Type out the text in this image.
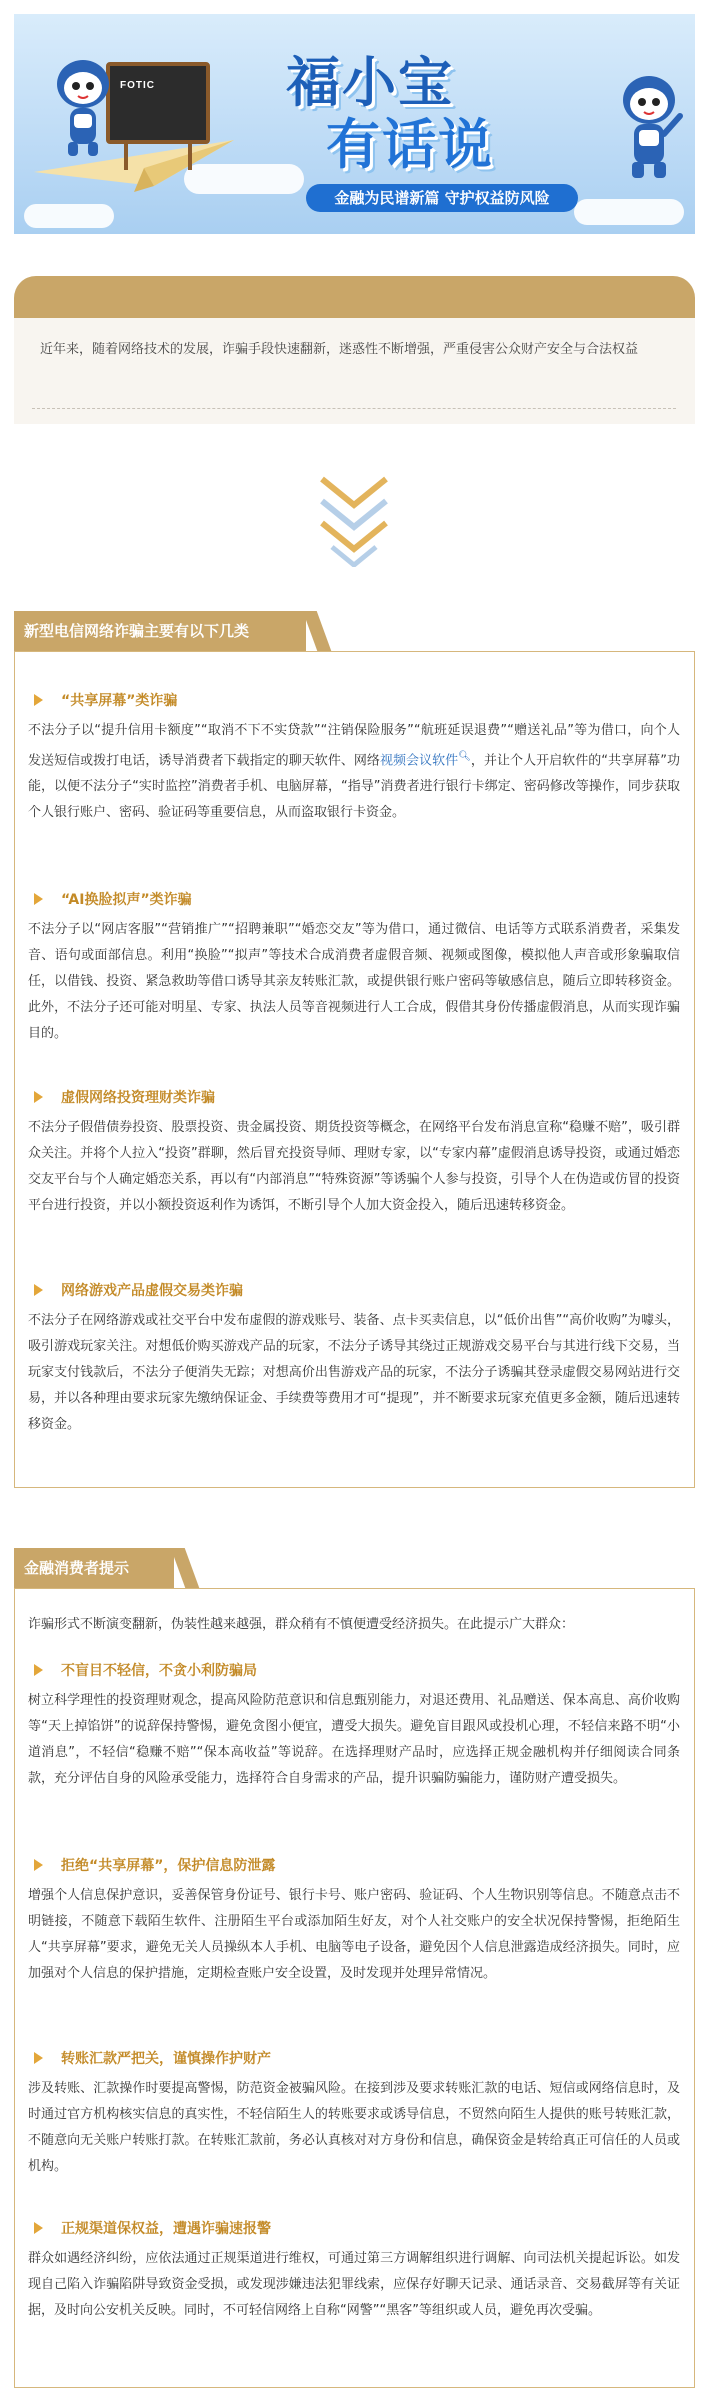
FOTIC	福小宝
有话说
金融为民谱新篇 守护权益防风险
近年来，随着网络技术的发展，诈骗手段快速翻新，迷惑性不断增强，严重侵害公众财产安全与合法权益
新型电信网络诈骗主要有以下几类
“共享屏幕”类诈骗
不法分子以“提升信用卡额度”“取消不下不实贷款”“注销保险服务”“航班延误退费”“赠送礼品”等为借口，向个人发送短信或拨打电话，诱导消费者下载指定的聊天软件、网络视频会议软件🔍︎，并让个人开启软件的“共享屏幕”功能，以便不法分子“实时监控”消费者手机、电脑屏幕，“指导”消费者进行银行卡绑定、密码修改等操作，同步获取个人银行账户、密码、验证码等重要信息，从而盗取银行卡资金。
“AI换脸拟声”类诈骗
不法分子以“网店客服”“营销推广”“招聘兼职”“婚恋交友”等为借口，通过微信、电话等方式联系消费者，采集发音、语句或面部信息。利用“换脸”“拟声”等技术合成消费者虚假音频、视频或图像，模拟他人声音或形象骗取信任，以借钱、投资、紧急救助等借口诱导其亲友转账汇款，或提供银行账户密码等敏感信息，随后立即转移资金。此外，不法分子还可能对明星、专家、执法人员等音视频进行人工合成，假借其身份传播虚假消息，从而实现诈骗目的。
虚假网络投资理财类诈骗
不法分子假借债券投资、股票投资、贵金属投资、期货投资等概念，在网络平台发布消息宣称“稳赚不赔”，吸引群众关注。并将个人拉入“投资”群聊，然后冒充投资导师、理财专家，以“专家内幕”虚假消息诱导投资，或通过婚恋交友平台与个人确定婚恋关系，再以有“内部消息”“特殊资源”等诱骗个人参与投资，引导个人在伪造或仿冒的投资平台进行投资，并以小额投资返利作为诱饵，不断引导个人加大资金投入，随后迅速转移资金。
网络游戏产品虚假交易类诈骗
不法分子在网络游戏或社交平台中发布虚假的游戏账号、装备、点卡买卖信息，以“低价出售”“高价收购”为噱头，吸引游戏玩家关注。对想低价购买游戏产品的玩家，不法分子诱导其绕过正规游戏交易平台与其进行线下交易，当玩家支付钱款后，不法分子便消失无踪；对想高价出售游戏产品的玩家，不法分子诱骗其登录虚假交易网站进行交易，并以各种理由要求玩家先缴纳保证金、手续费等费用才可“提现”，并不断要求玩家充值更多金额，随后迅速转移资金。
金融消费者提示
诈骗形式不断演变翻新，伪装性越来越强，群众稍有不慎便遭受经济损失。在此提示广大群众：
不盲目不轻信，不贪小利防骗局
树立科学理性的投资理财观念，提高风险防范意识和信息甄别能力，对退还费用、礼品赠送、保本高息、高价收购等“天上掉馅饼”的说辞保持警惕，避免贪图小便宜，遭受大损失。避免盲目跟风或投机心理，不轻信来路不明“小道消息”，不轻信“稳赚不赔”“保本高收益”等说辞。在选择理财产品时，应选择正规金融机构并仔细阅读合同条款，充分评估自身的风险承受能力，选择符合自身需求的产品，提升识骗防骗能力，谨防财产遭受损失。
拒绝“共享屏幕”，保护信息防泄露
增强个人信息保护意识，妥善保管身份证号、银行卡号、账户密码、验证码、个人生物识别等信息。不随意点击不明链接，不随意下载陌生软件、注册陌生平台或添加陌生好友，对个人社交账户的安全状况保持警惕，拒绝陌生人“共享屏幕”要求，避免无关人员操纵本人手机、电脑等电子设备，避免因个人信息泄露造成经济损失。同时，应加强对个人信息的保护措施，定期检查账户安全设置，及时发现并处理异常情况。
转账汇款严把关，谨慎操作护财产
涉及转账、汇款操作时要提高警惕，防范资金被骗风险。在接到涉及要求转账汇款的电话、短信或网络信息时，及时通过官方机构核实信息的真实性，不轻信陌生人的转账要求或诱导信息，不贸然向陌生人提供的账号转账汇款，不随意向无关账户转账打款。在转账汇款前，务必认真核对对方身份和信息，确保资金是转给真正可信任的人员或机构。
正规渠道保权益，遭遇诈骗速报警
群众如遇经济纠纷，应依法通过正规渠道进行维权，可通过第三方调解组织进行调解、向司法机关提起诉讼。如发现自己陷入诈骗陷阱导致资金受损，或发现涉嫌违法犯罪线索，应保存好聊天记录、通话录音、交易截屏等有关证据，及时向公安机关反映。同时，不可轻信网络上自称“网警”“黑客”等组织或人员，避免再次受骗。
